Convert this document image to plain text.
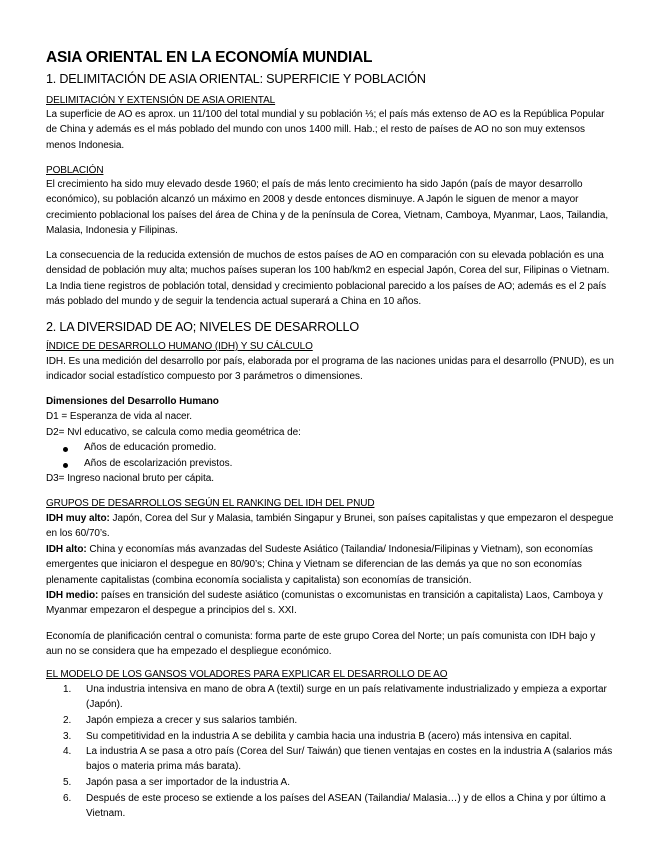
ASIA ORIENTAL EN LA ECONOMÍA MUNDIAL
1. DELIMITACIÓN DE ASIA ORIENTAL: SUPERFICIE Y POBLACIÓN
DELIMITACIÓN Y EXTENSIÓN DE ASIA ORIENTAL
La superficie de AO es aprox. un 11/100 del total mundial y su población ⅓; el país más extenso de AO es la República Popular de China y además es el más poblado del mundo con unos 1400 mill. Hab.; el resto de países de AO no son muy extensos menos Indonesia.
POBLACIÓN
El crecimiento ha sido muy elevado desde 1960; el país de más lento crecimiento ha sido Japón (país de mayor desarrollo económico), su población alcanzó un máximo en 2008 y desde entonces disminuye. A Japón le siguen de menor a mayor crecimiento poblacional los países del área de China y de la península de Corea, Vietnam, Camboya, Myanmar, Laos, Tailandia, Malasia, Indonesia y Filipinas.
La consecuencia de la reducida extensión de muchos de estos países de AO en comparación con su elevada población es una densidad de población muy alta; muchos países superan los 100 hab/km2 en especial Japón, Corea del sur, Filipinas o Vietnam. La India tiene registros de población total, densidad y crecimiento poblacional parecido a los países de AO; además es el 2 país más poblado del mundo y de seguir la tendencia actual superará a China en 10 años.
2. LA DIVERSIDAD DE AO; NIVELES DE DESARROLLO
ÍNDICE DE DESARROLLO HUMANO (IDH) Y SU CÁLCULO
IDH. Es una medición del desarrollo por país, elaborada por el programa de las naciones unidas para el desarrollo (PNUD), es un indicador social estadístico compuesto por 3 parámetros o dimensiones.
Dimensiones del Desarrollo Humano
D1 = Esperanza de vida al nacer.
D2= Nvl educativo, se calcula como media geométrica de:
Años de educación promedio.
Años de escolarización previstos.
D3= Ingreso nacional bruto per cápita.
GRUPOS DE DESARROLLOS SEGÚN EL RANKING DEL IDH DEL PNUD
IDH muy alto: Japón, Corea del Sur y Malasia, también Singapur y Brunei, son países capitalistas y que empezaron el despegue en los 60/70’s.
IDH alto: China y economías más avanzadas del Sudeste Asiático (Tailandia/ Indonesia/Filipinas y Vietnam), son economías emergentes que iniciaron el despegue en 80/90’s; China y Vietnam se diferencian de las demás ya que no son economías plenamente capitalistas (combina economía socialista y capitalista) son economías de transición.
IDH medio: países en transición del sudeste asiático (comunistas o excomunistas en transición a capitalista) Laos, Camboya y Myanmar empezaron el despegue a principios del s. XXI.
Economía de planificación central o comunista: forma parte de este grupo Corea del Norte; un país comunista con IDH bajo y aun no se considera que ha empezado el despliegue económico.
EL MODELO DE LOS GANSOS VOLADORES PARA EXPLICAR EL DESARROLLO DE AO
1. Una industria intensiva en mano de obra A (textil) surge en un país relativamente industrializado y empieza a exportar (Japón).
2. Japón empieza a crecer y sus salarios también.
3. Su competitividad en la industria A se debilita y cambia hacia una industria B (acero) más intensiva en capital.
4. La industria A se pasa a otro país (Corea del Sur/ Taiwán) que tienen ventajas en costes en la industria A (salarios más bajos o materia prima más barata).
5. Japón pasa a ser importador de la industria A.
6. Después de este proceso se extiende a los países del ASEAN (Tailandia/ Malasia…) y de ellos a China y por último a Vietnam.
